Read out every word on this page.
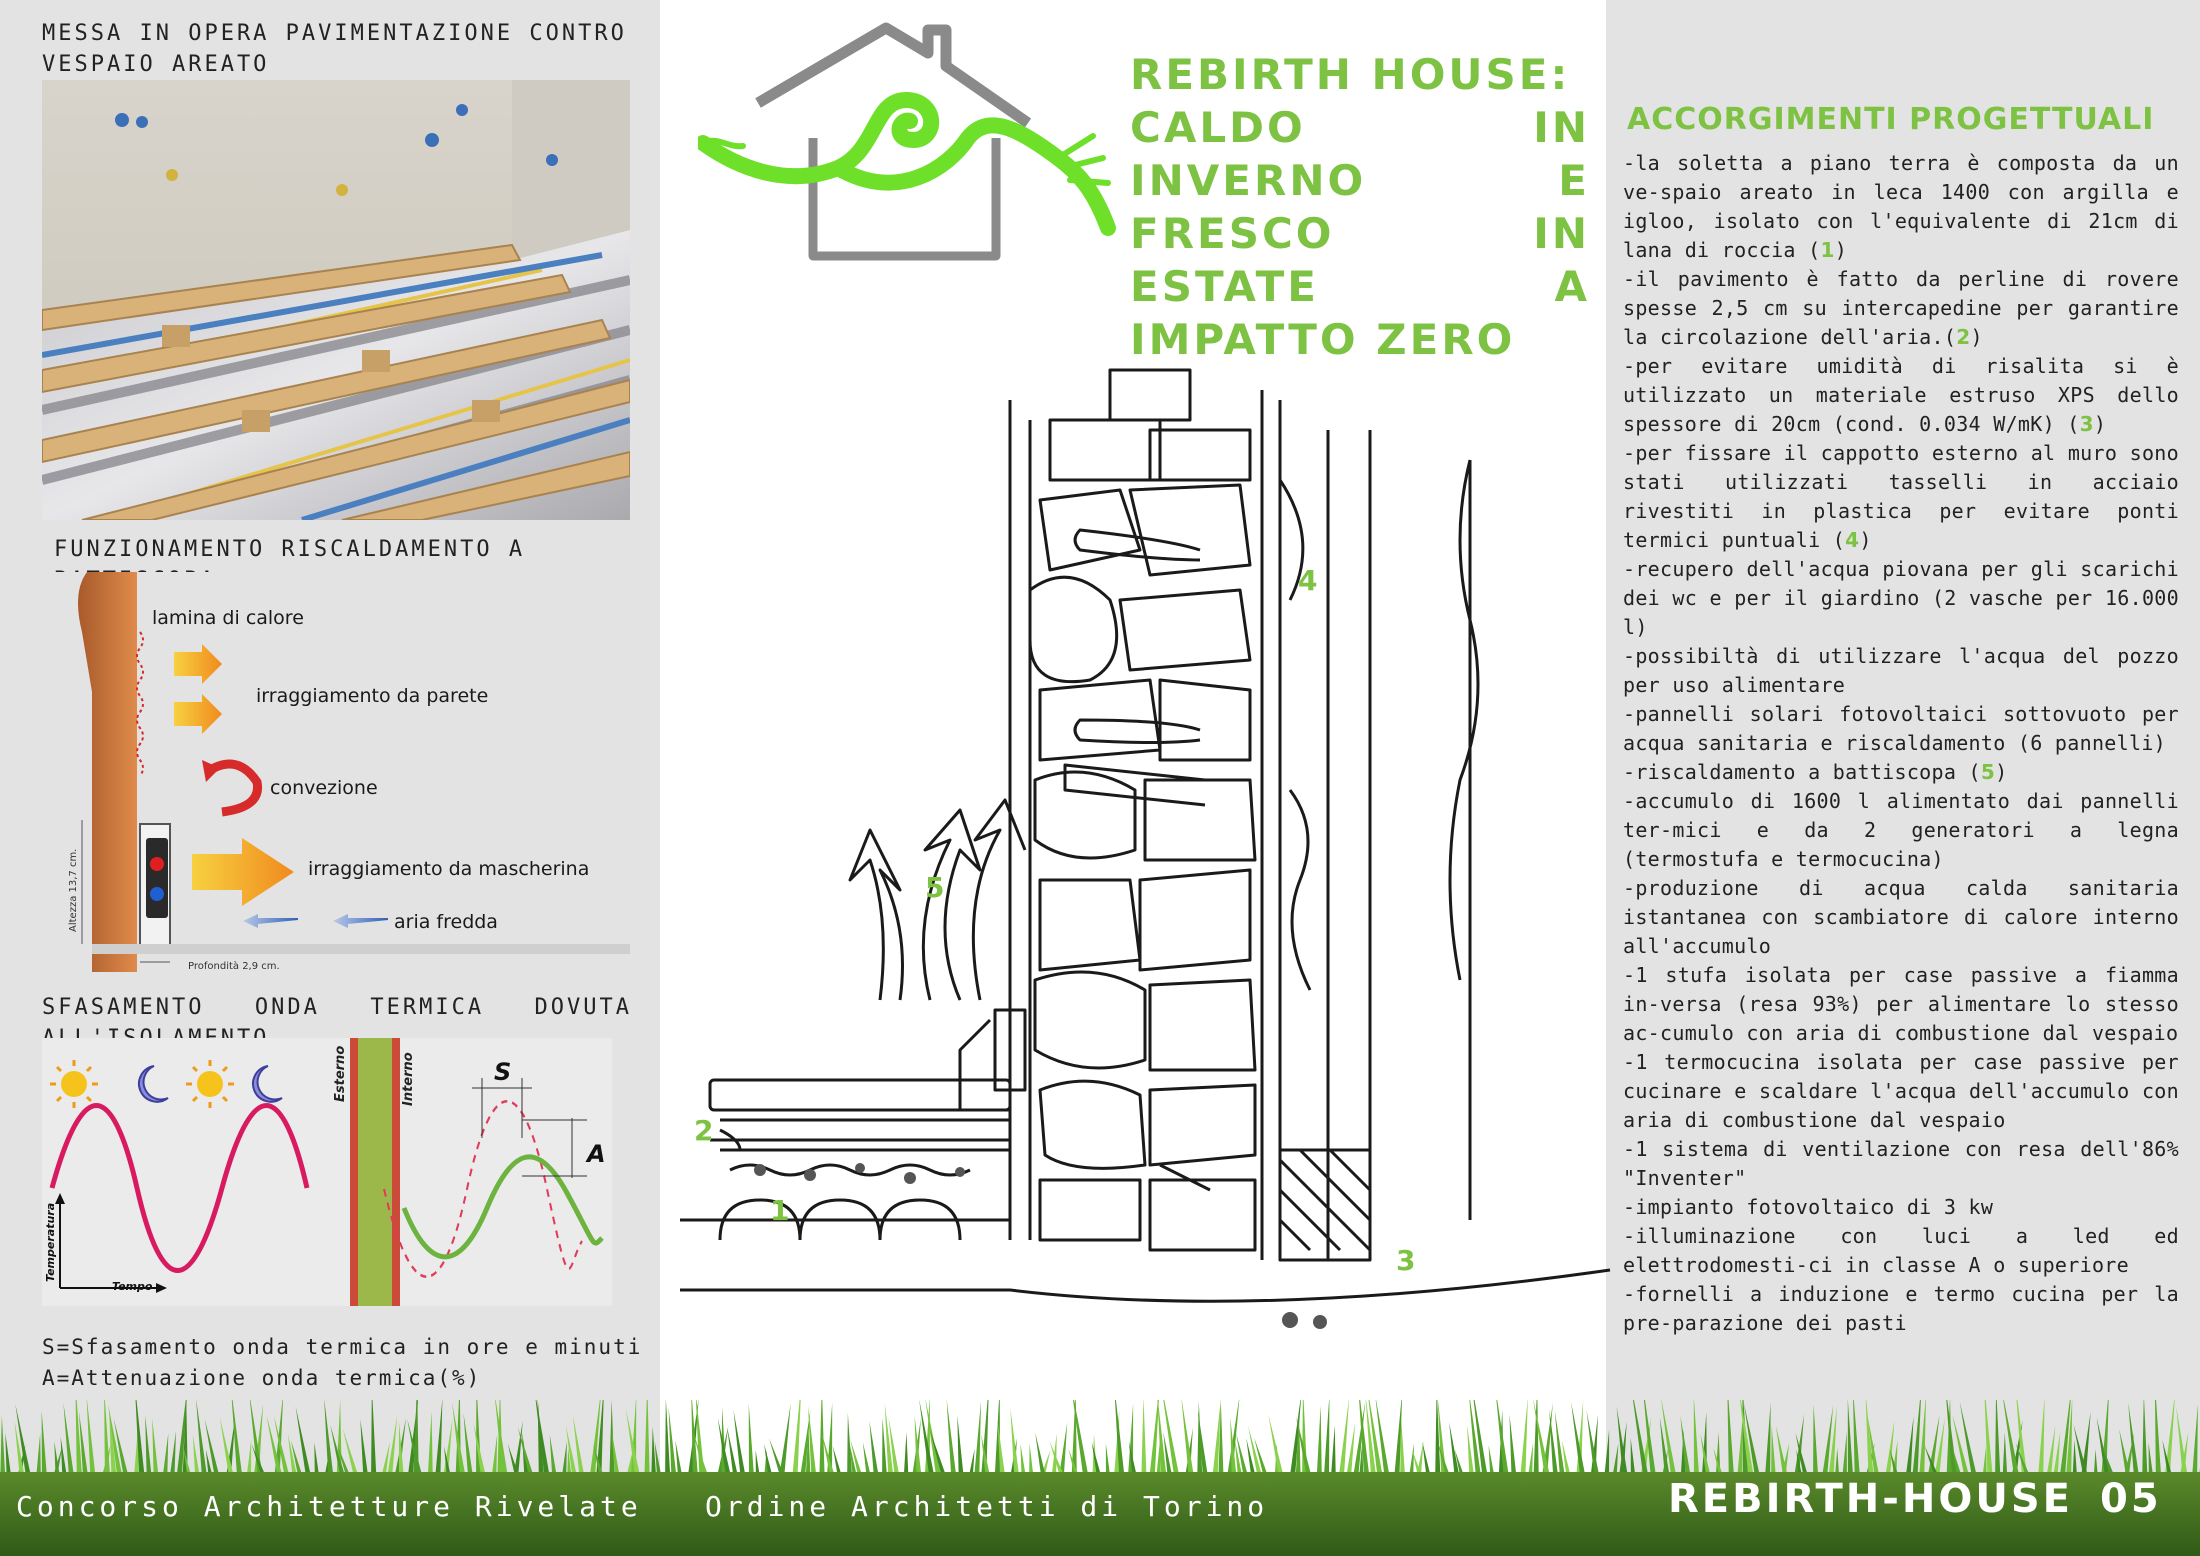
MESSA IN OPERA PAVIMENTAZIONE CONTRO VESPAIO AREATO
FUNZIONAMENTO RISCALDAMENTO A
lamina di calore
irraggiamento da parete
convezione
irraggiamento da mascherina
aria fredda
Altezza 13,7 cm.
Profondità 2,9 cm.
SFASAMENTO ONDA TERMICA DOVUTA
Esterno	Interno	S
A
Temperatura
Tempo
S=Sfasamento onda termica in ore e minuti
A=Attenuazione onda termica(%)
REBIRTH HOUSE:
CALDO IN INVERNO E
FRESCO IN ESTATE A
IMPATTO ZERO
1
2
3
4
5
ACCORGIMENTI PROGETTUALI
-la soletta a piano terra è composta da un ve-spaio areato in leca 1400 con argilla e igloo, isolato con l'equivalente di 21cm di lana di roccia (1)
-il pavimento è fatto da perline di rovere spesse 2,5 cm su intercapedine per garantire la circolazione dell'aria.(2)
-per evitare umidità di risalita si è utilizzato un materiale estruso XPS dello spessore di 20cm (cond. 0.034 W/mK) (3)
-per fissare il cappotto esterno al muro sono stati utilizzati tasselli in acciaio rivestiti in plastica per evitare ponti termici puntuali (4)
-recupero dell'acqua piovana per gli scarichi dei wc e per il giardino (2 vasche per 16.000 l)
-possibiltà di utilizzare l'acqua del pozzo per uso alimentare
-pannelli solari fotovoltaici sottovuoto per acqua sanitaria e riscaldamento (6 pannelli)
-riscaldamento a battiscopa (5)
-accumulo di 1600 l alimentato dai pannelli ter-mici e da 2 generatori a legna (termostufa e termocucina)
-produzione di acqua calda sanitaria istantanea con scambiatore di calore interno all'accumulo
-1 stufa isolata per case passive a fiamma in-versa (resa 93%) per alimentare lo stesso ac-cumulo con aria di combustione dal vespaio
-1 termocucina isolata per case passive per cucinare e scaldare l'acqua dell'accumulo con aria di combustione dal vespaio
-1 sistema di ventilazione con resa dell'86% "Inventer"
-impianto fotovoltaico di 3 kw
-illuminazione con luci a led ed elettrodomesti-ci in classe A o superiore
-fornelli a induzione e termo cucina per la pre-parazione dei pasti
Concorso Architetture Rivelate Ordine Architetti di Torino	REBIRTH-HOUSE 05
